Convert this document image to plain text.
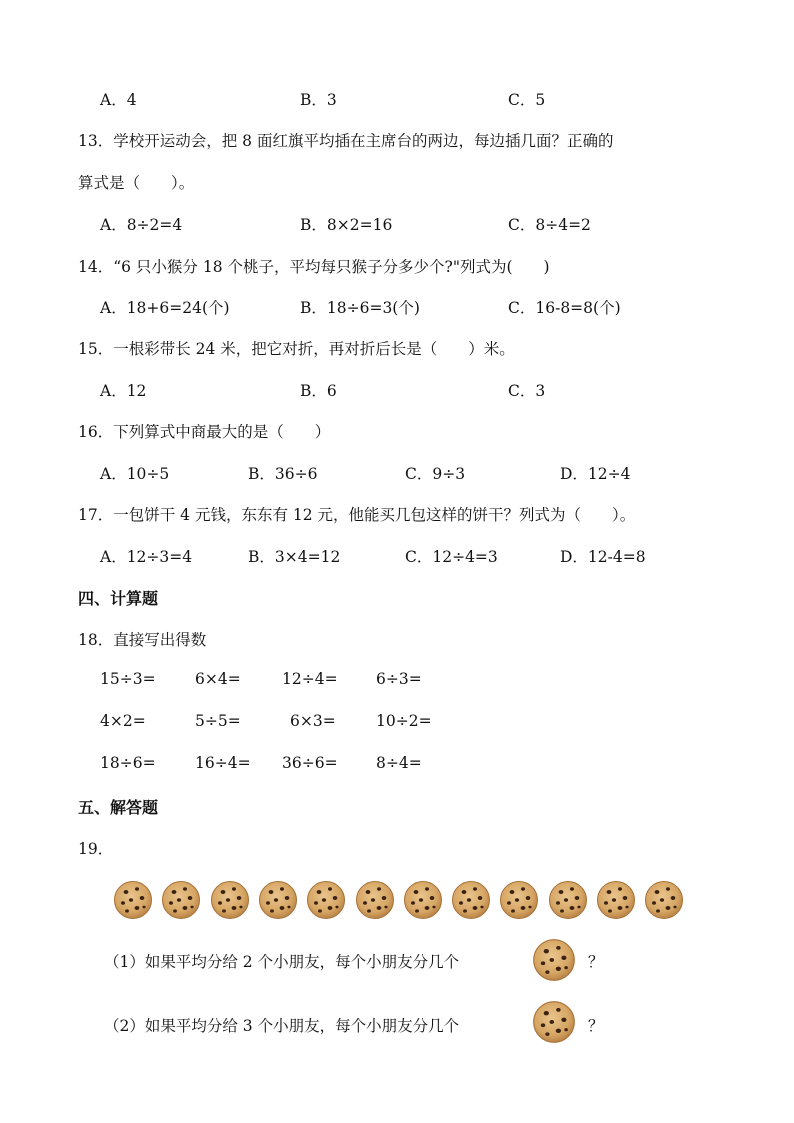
A．4	B．3	C．5
13．学校开运动会，把 8 面红旗平均插在主席台的两边，每边插几面？正确的
算式是（　　）。
A．8÷2=4	B．8×2=16	C．8÷4=2
14．“6 只小猴分 18 个桃子，平均每只猴子分多少个?"列式为(　　)
A．18+6=24(个)	B．18÷6=3(个)	C．16-8=8(个)
15．一根彩带长 24 米，把它对折，再对折后长是（　　）米。
A．12	B．6	C．3
16．下列算式中商最大的是（　　）
A．10÷5	B．36÷6	C．9÷3	D．12÷4
17．一包饼干 4 元钱，东东有 12 元，他能买几包这样的饼干？列式为（　　）。
A．12÷3=4	B．3×4=12	C．12÷4=3	D．12-4=8
四、计算题
18．直接写出得数
15÷3=	6×4=	12÷4= 6÷3=
4×2=	5÷5=	6×3=	10÷2=
18÷6=	16÷4= 36÷6= 8÷4=
五、解答题
19．
（1）如果平均分给 2 个小朋友，每个小朋友分几个	？
（2）如果平均分给 3 个小朋友，每个小朋友分几个	？
